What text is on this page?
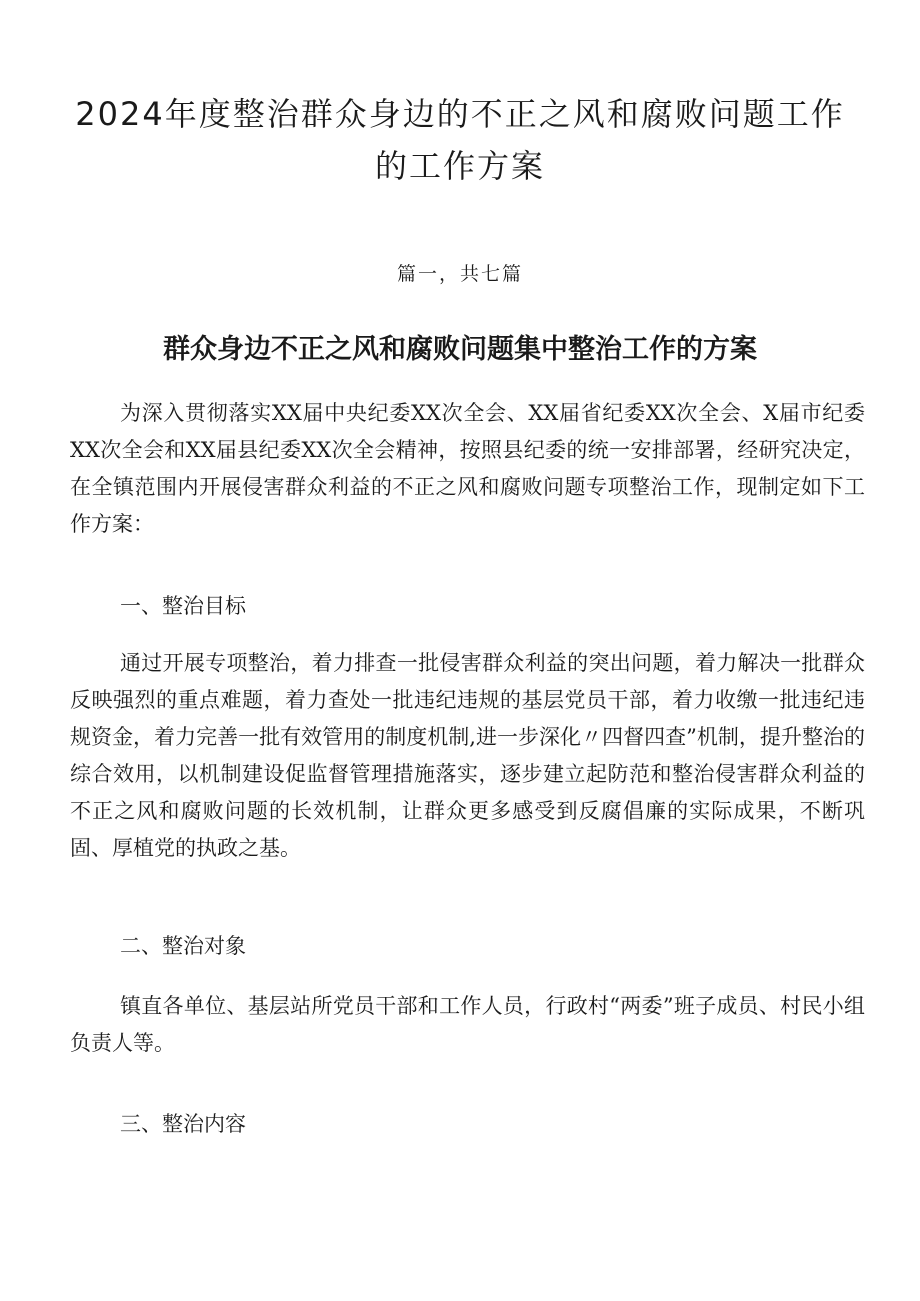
2024年度整治群众身边的不正之风和腐败问题工作的工作方案
篇一，共七篇
群众身边不正之风和腐败问题集中整治工作的方案

为深入贯彻落实XX届中央纪委XX次全会、XX届省纪委XX次全会、X届市纪委XX次全会和XX届县纪委XX次全会精神，按照县纪委的统一安排部署，经研究决定，在全镇范围内开展侵害群众利益的不正之风和腐败问题专项整治工作，现制定如下工作方案：

一、整治目标

通过开展专项整治，着力排查一批侵害群众利益的突出问题，着力解决一批群众反映强烈的重点难题，着力查处一批违纪违规的基层党员干部，着力收缴一批违纪违规资金，着力完善一批有效管用的制度机制,进一步深化〃四督四查”机制，提升整治的综合效用，以机制建设促监督管理措施落实，逐步建立起防范和整治侵害群众利益的不正之风和腐败问题的长效机制，让群众更多感受到反腐倡廉的实际成果，不断巩固、厚植党的执政之基。

二、整治对象

镇直各单位、基层站所党员干部和工作人员，行政村“两委”班子成员、村民小组负责人等。

三、整治内容
